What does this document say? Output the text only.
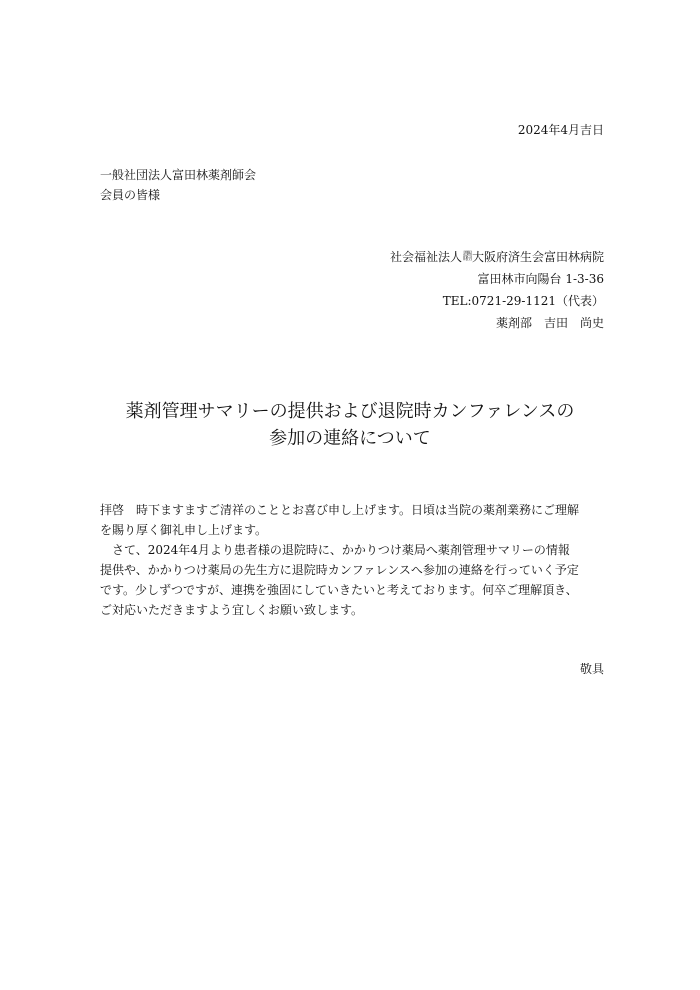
2024年4月吉日
一般社団法人富田林薬剤師会
会員の皆様
社会福祉法人 恩賜
財団 大阪府済生会富田林病院
富田林市向陽台 1-3-36
TEL:0721-29-1121（代表）
薬剤部　吉田　尚史
薬剤管理サマリーの提供および退院時カンファレンスの
参加の連絡について
拝啓　時下ますますご清祥のこととお喜び申し上げます。日頃は当院の薬剤業務にご理解
を賜り厚く御礼申し上げます。
　さて、2024年4月より患者様の退院時に、かかりつけ薬局へ薬剤管理サマリーの情報
提供や、かかりつけ薬局の先生方に退院時カンファレンスへ参加の連絡を行っていく予定
です。少しずつですが、連携を強固にしていきたいと考えております。何卒ご理解頂き、
ご対応いただきますよう宜しくお願い致します。
敬具
